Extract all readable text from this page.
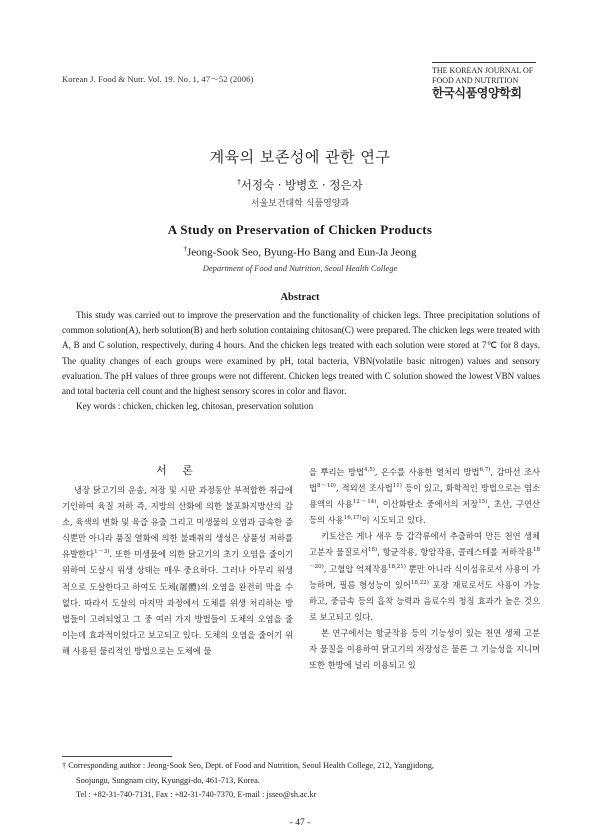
Korean J. Food & Nutr. Vol. 19. No. 1, 47～52 (2006)
THE KOREAN JOURNAL OF
FOOD AND NUTRITION
한국식품영양학회
계육의 보존성에 관한 연구
†서정숙 · 방병호 · 정은자
서울보건대학 식품영양과
A Study on Preservation of Chicken Products
†Jeong-Sook Seo, Byung-Ho Bang and Eun-Ja Jeong
Department of Food and Nutrition, Seoul Health College
Abstract

This study was carried out to improve the preservation and the functionality of chicken legs. Three precipitation solutions of common solution(A), herb solution(B) and herb solution containing chitosan(C) were prepared. The chicken legs were treated with A, B and C solution, respectively, during 4 hours. And the chicken legs treated with each solution were stored at 7℃ for 8 days. The quality changes of each groups were examined by pH, total bacteria, VBN(volatile basic nitrogen) values and sensory evaluation. The pH values of three groups were not different. Chicken legs treated with C solution showed the lowest VBN values and total bacteria cell count and the highest sensory scores in color and flavor.

Key words : chicken, chicken leg, chitosan, preservation solution

서 론

냉장 닭고기의 운송, 저장 및 시판 과정동안 부적합한 취급에 기인하여 육질 저하 즉, 지방의 산화에 의한 불포화지방산의 감소, 육색의 변화 및 육즙 유출 그리고 미생물의 오염과 급속한 증식뿐만 아니라 품질 열화에 의한 불쾌취의 생성은 상품성 저하를 유발한다$^{1\sim 3)}$. 또한 미생물에 의한 닭고기의 초기 오염을 줄이기 위하여 도살시 위생 상태는 매우 중요하다. 그러나 아무리 위생적으로 도살한다고 하여도 도체(屠體)의 오염을 완전히 막을 수 없다. 따라서 도살의 마지막 과정에서 도체를 위생 처리하는 방법들이 고려되었고 그 중 여러 가지 방법들이 도체의 오염을 줄이는데 효과적이었다고 보고되고 있다. 도체의 오염을 줄이기 위해 사용된 물리적인 방법으로는 도체에 물

을 뿌리는 방법$^{4,5)}$, 온수를 사용한 열처리 방법$^{6,7)}$, 감마선 조사법$^{8\sim 10)}$, 적외선 조사법$^{11)}$ 등이 있고, 화학적인 방법으로는 염소용액의 사용$^{12\sim 14)}$, 이산화탄소 중에서의 저장$^{15)}$, 초산, 구연산 등의 사용$^{16,17)}$이 시도되고 있다.

키토산은 게나 새우 등 갑각류에서 추출하여 만든 천연 생체 고분자 물질로서$^{18)}$, 항균작용, 항암작용, 콜레스테롤 저하작용$^{18\sim 20)}$, 고혈압 억제작용$^{18,21)}$ 뿐만 아니라 식이섬유로서 사용이 가능하며, 필름 형성능이 있어$^{18,22)}$ 포장 재료로서도 사용이 가능하고, 중금속 등의 흡착 능력과 음료수의 청징 효과가 높은 것으로 보고되고 있다.

본 연구에서는 항균작용 등의 기능성이 있는 천연 생체 고분자 물질을 이용하여 닭고기의 저장성은 물론 그 기능성을 지니며 또한 한방에 널리 이용되고 있

† Corresponding author : Jeong-Sook Seo, Dept. of Food and Nutrition, Seoul Health College, 212, Yangjidong,
Soojungu, Sungnam city, Kyunggi-do, 461-713, Korea.
Tel : +82-31-740-7131, Fax : +82-31-740-7370, E-mail : jsseo@sh.ac.kr
- 47 -
